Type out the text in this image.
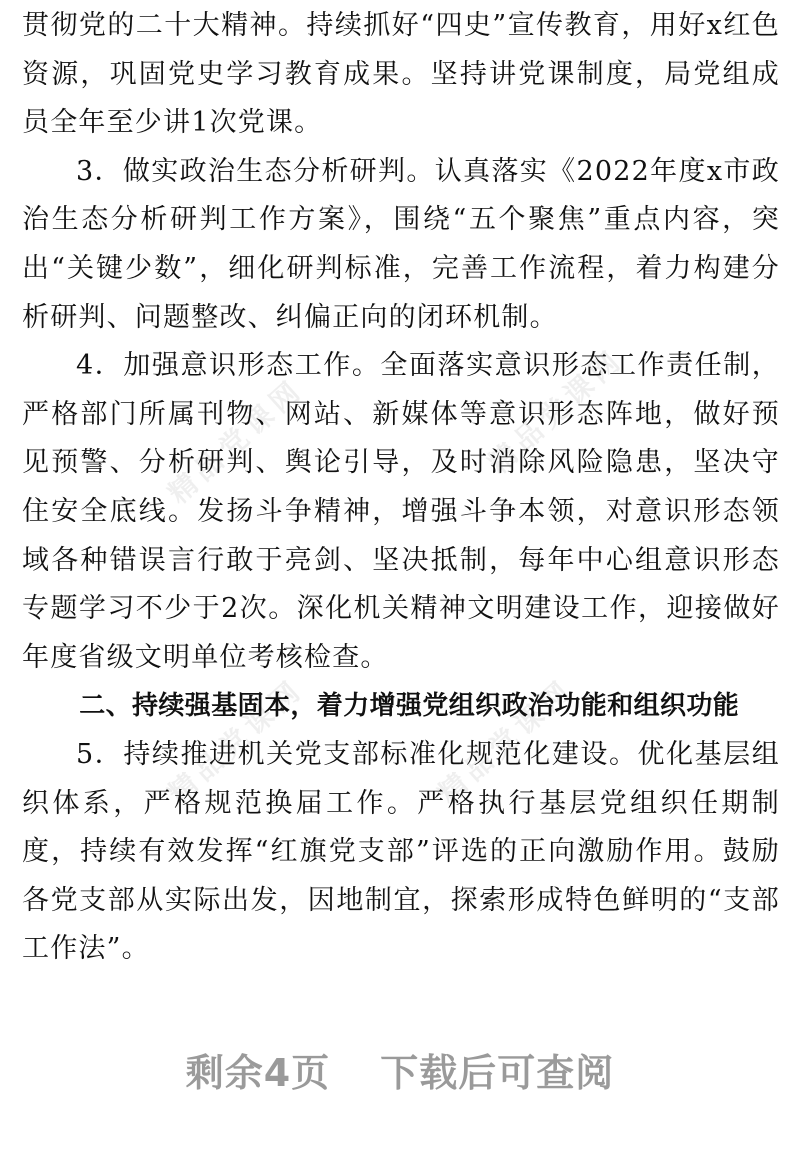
精品党课网	精品党课网
精品党课网	精品党课网

贯彻党的二十大精神。持续抓好“四史”宣传教育，用好x红色资源，巩固党史学习教育成果。坚持讲党课制度，局党组成员全年至少讲1次党课。

3．做实政治生态分析研判。认真落实《2022年度x市政治生态分析研判工作方案》，围绕“五个聚焦”重点内容，突出“关键少数”，细化研判标准，完善工作流程，着力构建分析研判、问题整改、纠偏正向的闭环机制。

4．加强意识形态工作。全面落实意识形态工作责任制，严格部门所属刊物、网站、新媒体等意识形态阵地，做好预见预警、分析研判、舆论引导，及时消除风险隐患，坚决守住安全底线。发扬斗争精神，增强斗争本领，对意识形态领域各种错误言行敢于亮剑、坚决抵制，每年中心组意识形态专题学习不少于2次。深化机关精神文明建设工作，迎接做好年度省级文明单位考核检查。

二、持续强基固本，着力增强党组织政治功能和组织功能

5．持续推进机关党支部标准化规范化建设。优化基层组织体系，严格规范换届工作。严格执行基层党组织任期制度，持续有效发挥“红旗党支部”评选的正向激励作用。鼓励各党支部从实际出发，因地制宜，探索形成特色鲜明的“支部工作法”。

剩余4页 下载后可查阅
